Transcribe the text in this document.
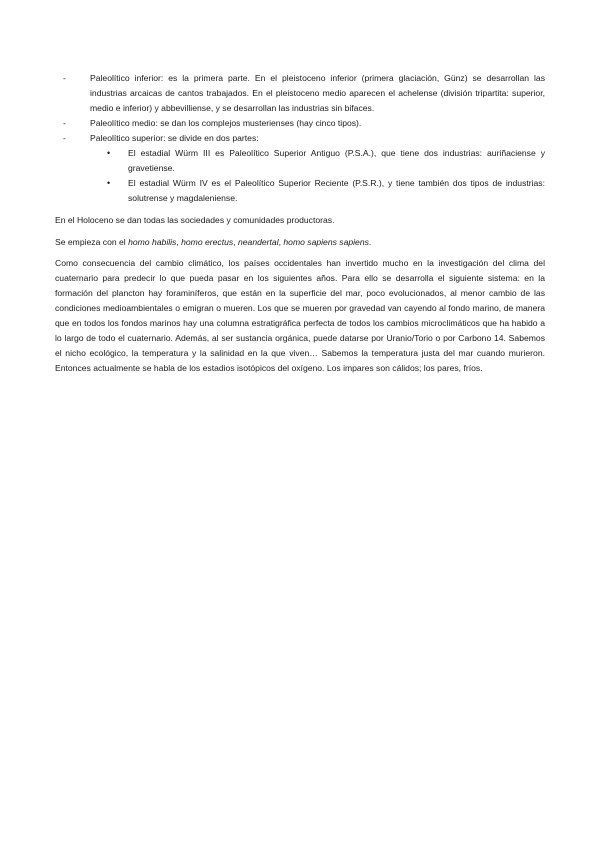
-	Paleolítico inferior: es la primera parte. En el pleistoceno inferior (primera glaciación, Günz) se desarrollan las industrias arcaicas de cantos trabajados. En el pleistoceno medio aparecen el achelense (división tripartita: superior, medio e inferior) y abbevilliense, y se desarrollan las industrias sin bifaces.
-	Paleolítico medio: se dan los complejos musterienses (hay cinco tipos).
-	Paleolítico superior: se divide en dos partes:
• El estadial Würm III es Paleolítico Superior Antiguo (P.S.A.), que tiene dos industrias: auriñaciense y gravetiense.
• El estadial Würm IV es el Paleolítico Superior Reciente (P.S.R.), y tiene también dos tipos de industrias: solutrense y magdaleniense.

En el Holoceno se dan todas las sociedades y comunidades productoras.

Se empieza con el homo habilis, homo erectus, neandertal, homo sapiens sapiens.

Como consecuencia del cambio climático, los países occidentales han invertido mucho en la investigación del clima del cuaternario para predecir lo que pueda pasar en los siguientes años. Para ello se desarrolla el siguiente sistema: en la formación del plancton hay foraminíferos, que están en la superficie del mar, poco evolucionados, al menor cambio de las condiciones medioambientales o emigran o mueren. Los que se mueren por gravedad van cayendo al fondo marino, de manera que en todos los fondos marinos hay una columna estratigráfica perfecta de todos los cambios microclimáticos que ha habido a lo largo de todo el cuaternario. Además, al ser sustancia orgánica, puede datarse por Uranio/Torio o por Carbono 14. Sabemos el nicho ecológico, la temperatura y la salinidad en la que viven… Sabemos la temperatura justa del mar cuando murieron. Entonces actualmente se habla de los estadios isotópicos del oxígeno. Los impares son cálidos; los pares, fríos.
